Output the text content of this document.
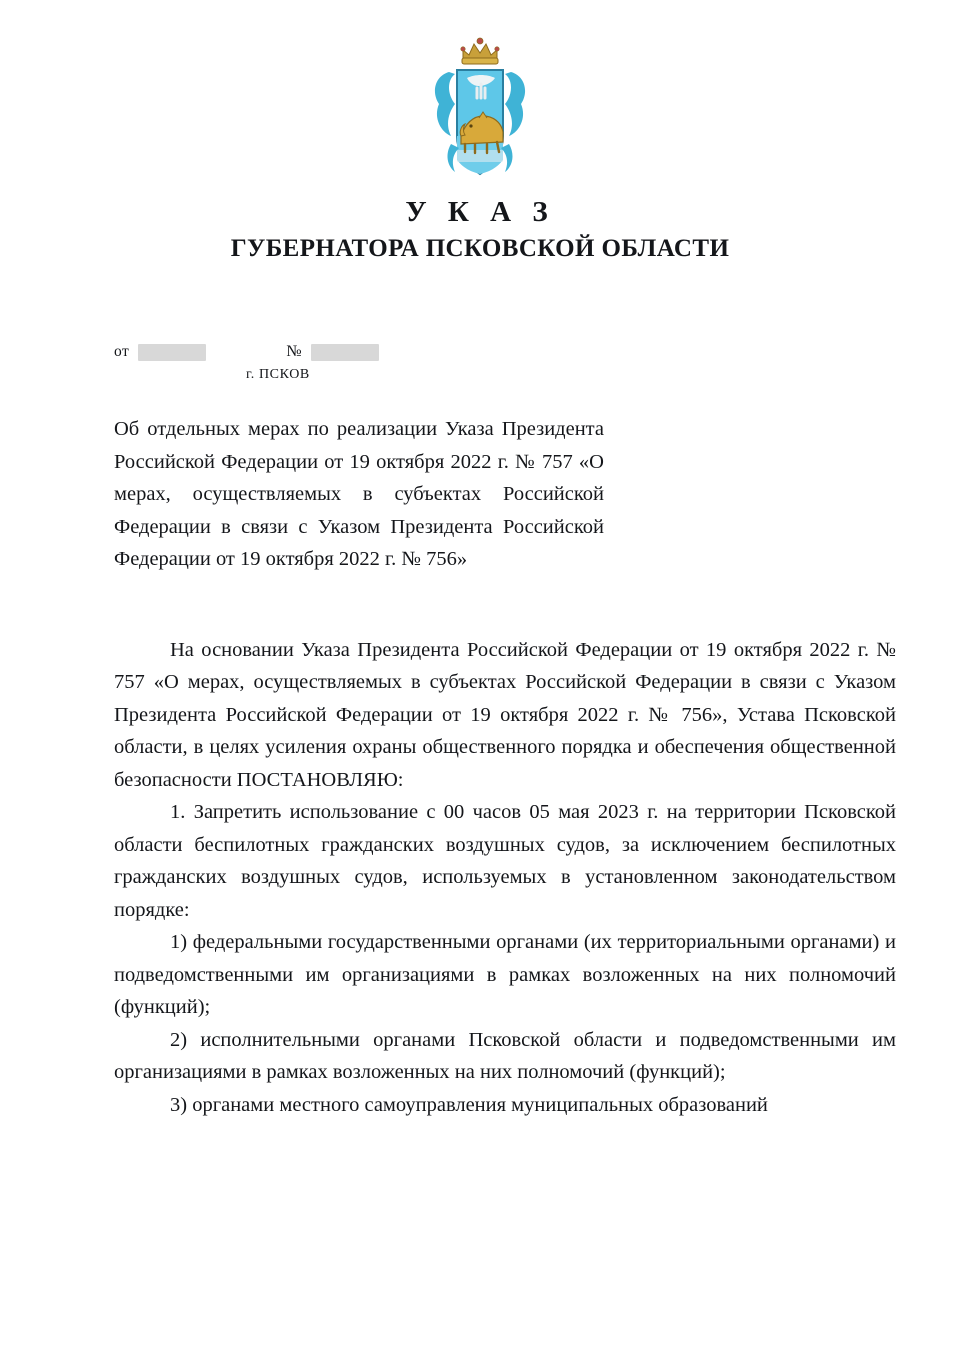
У К А З
ГУБЕРНАТОРА ПСКОВСКОЙ ОБЛАСТИ
от	№
г. ПСКОВ
Об отдельных мерах по реализации Указа Президента Российской Федерации от 19 октября 2022 г. № 757 «О мерах, осуществляемых в субъектах Российской Федерации в связи с Указом Президента Российской Федерации от 19 октября 2022 г. № 756»

На основании Указа Президента Российской Федерации от 19 октября 2022 г. № 757 «О мерах, осуществляемых в субъектах Российской Федерации в связи с Указом Президента Российской Федерации от 19 октября 2022 г. № 756», Устава Псковской области, в целях усиления охраны общественного порядка и обеспечения общественной безопасности ПОСТАНОВЛЯЮ:

1. Запретить использование с 00 часов 05 мая 2023 г. на территории Псковской области беспилотных гражданских воздушных судов, за исключением беспилотных гражданских воздушных судов, используемых в установленном законодательством порядке:

1) федеральными государственными органами (их территориальными органами) и подведомственными им организациями в рамках возложенных на них полномочий (функций);

2) исполнительными органами Псковской области и подведомственными им организациями в рамках возложенных на них полномочий (функций);

3) органами местного самоуправления муниципальных образований
